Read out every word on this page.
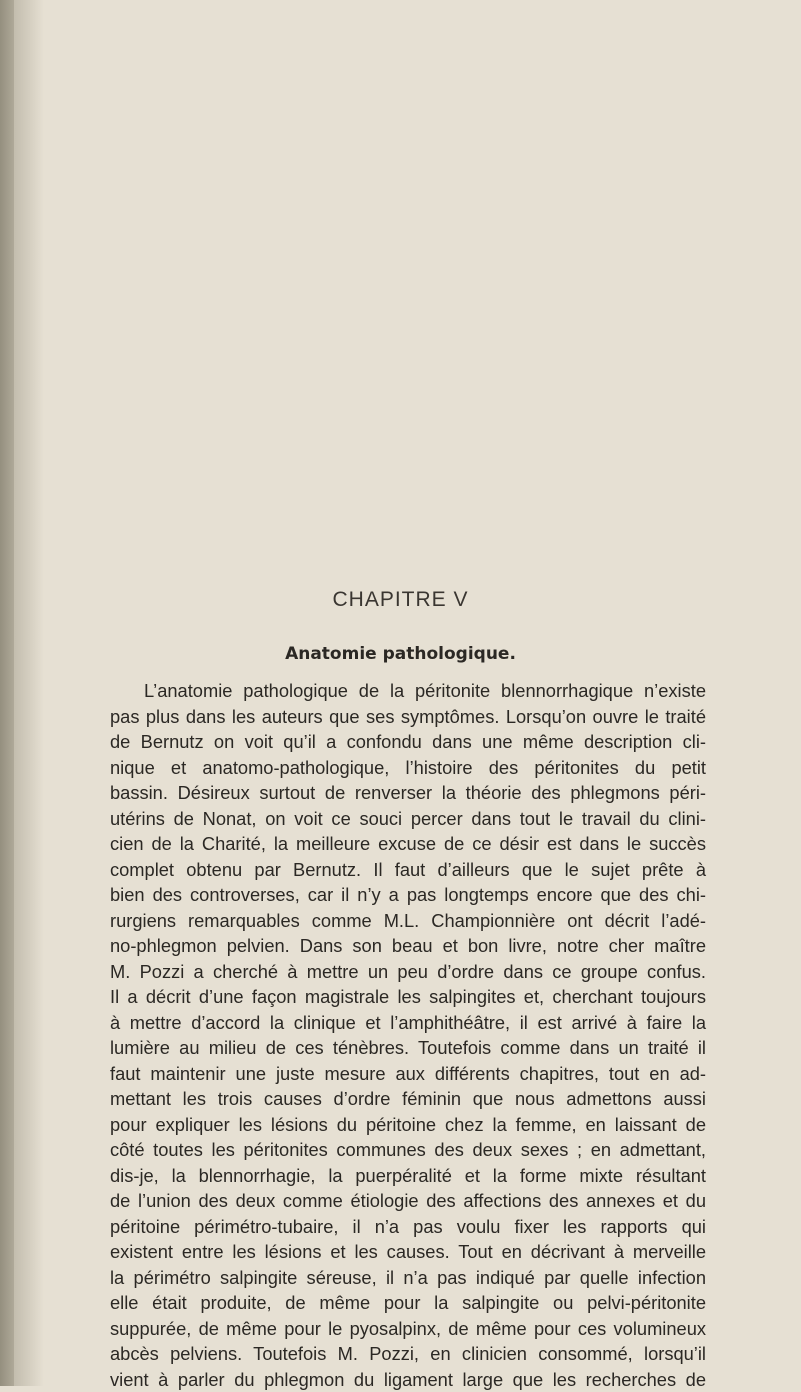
CHAPITRE V
Anatomie pathologique.
L’anatomie pathologique de la péritonite blennorrhagique n’existe
pas plus dans les auteurs que ses symptômes. Lorsqu’on ouvre le traité
de Bernutz on voit qu’il a confondu dans une même description cli-
nique et anatomo-pathologique, l’histoire des péritonites du petit
bassin. Désireux surtout de renverser la théorie des phlegmons péri-
utérins de Nonat, on voit ce souci percer dans tout le travail du clini-
cien de la Charité, la meilleure excuse de ce désir est dans le succès
complet obtenu par Bernutz. Il faut d’ailleurs que le sujet prête à
bien des controverses, car il n’y a pas longtemps encore que des chi-
rurgiens remarquables comme M.L. Championnière ont décrit l’adé-
no-phlegmon pelvien. Dans son beau et bon livre, notre cher maître
M. Pozzi a cherché à mettre un peu d’ordre dans ce groupe confus.
Il a décrit d’une façon magistrale les salpingites et, cherchant toujours
à mettre d’accord la clinique et l’amphithéâtre, il est arrivé à faire la
lumière au milieu de ces ténèbres. Toutefois comme dans un traité il
faut maintenir une juste mesure aux différents chapitres, tout en ad-
mettant les trois causes d’ordre féminin que nous admettons aussi
pour expliquer les lésions du péritoine chez la femme, en laissant de
côté toutes les péritonites communes des deux sexes ; en admettant,
dis-je, la blennorrhagie, la puerpéralité et la forme mixte résultant
de l’union des deux comme étiologie des affections des annexes et du
péritoine périmétro-tubaire, il n’a pas voulu fixer les rapports qui
existent entre les lésions et les causes. Tout en décrivant à merveille
la périmétro salpingite séreuse, il n’a pas indiqué par quelle infection
elle était produite, de même pour la salpingite ou pelvi-péritonite
suppurée, de même pour le pyosalpinx, de même pour ces volumineux
abcès pelviens. Toutefois M. Pozzi, en clinicien consommé, lorsqu’il
vient à parler du phlegmon du ligament large que les recherches de
